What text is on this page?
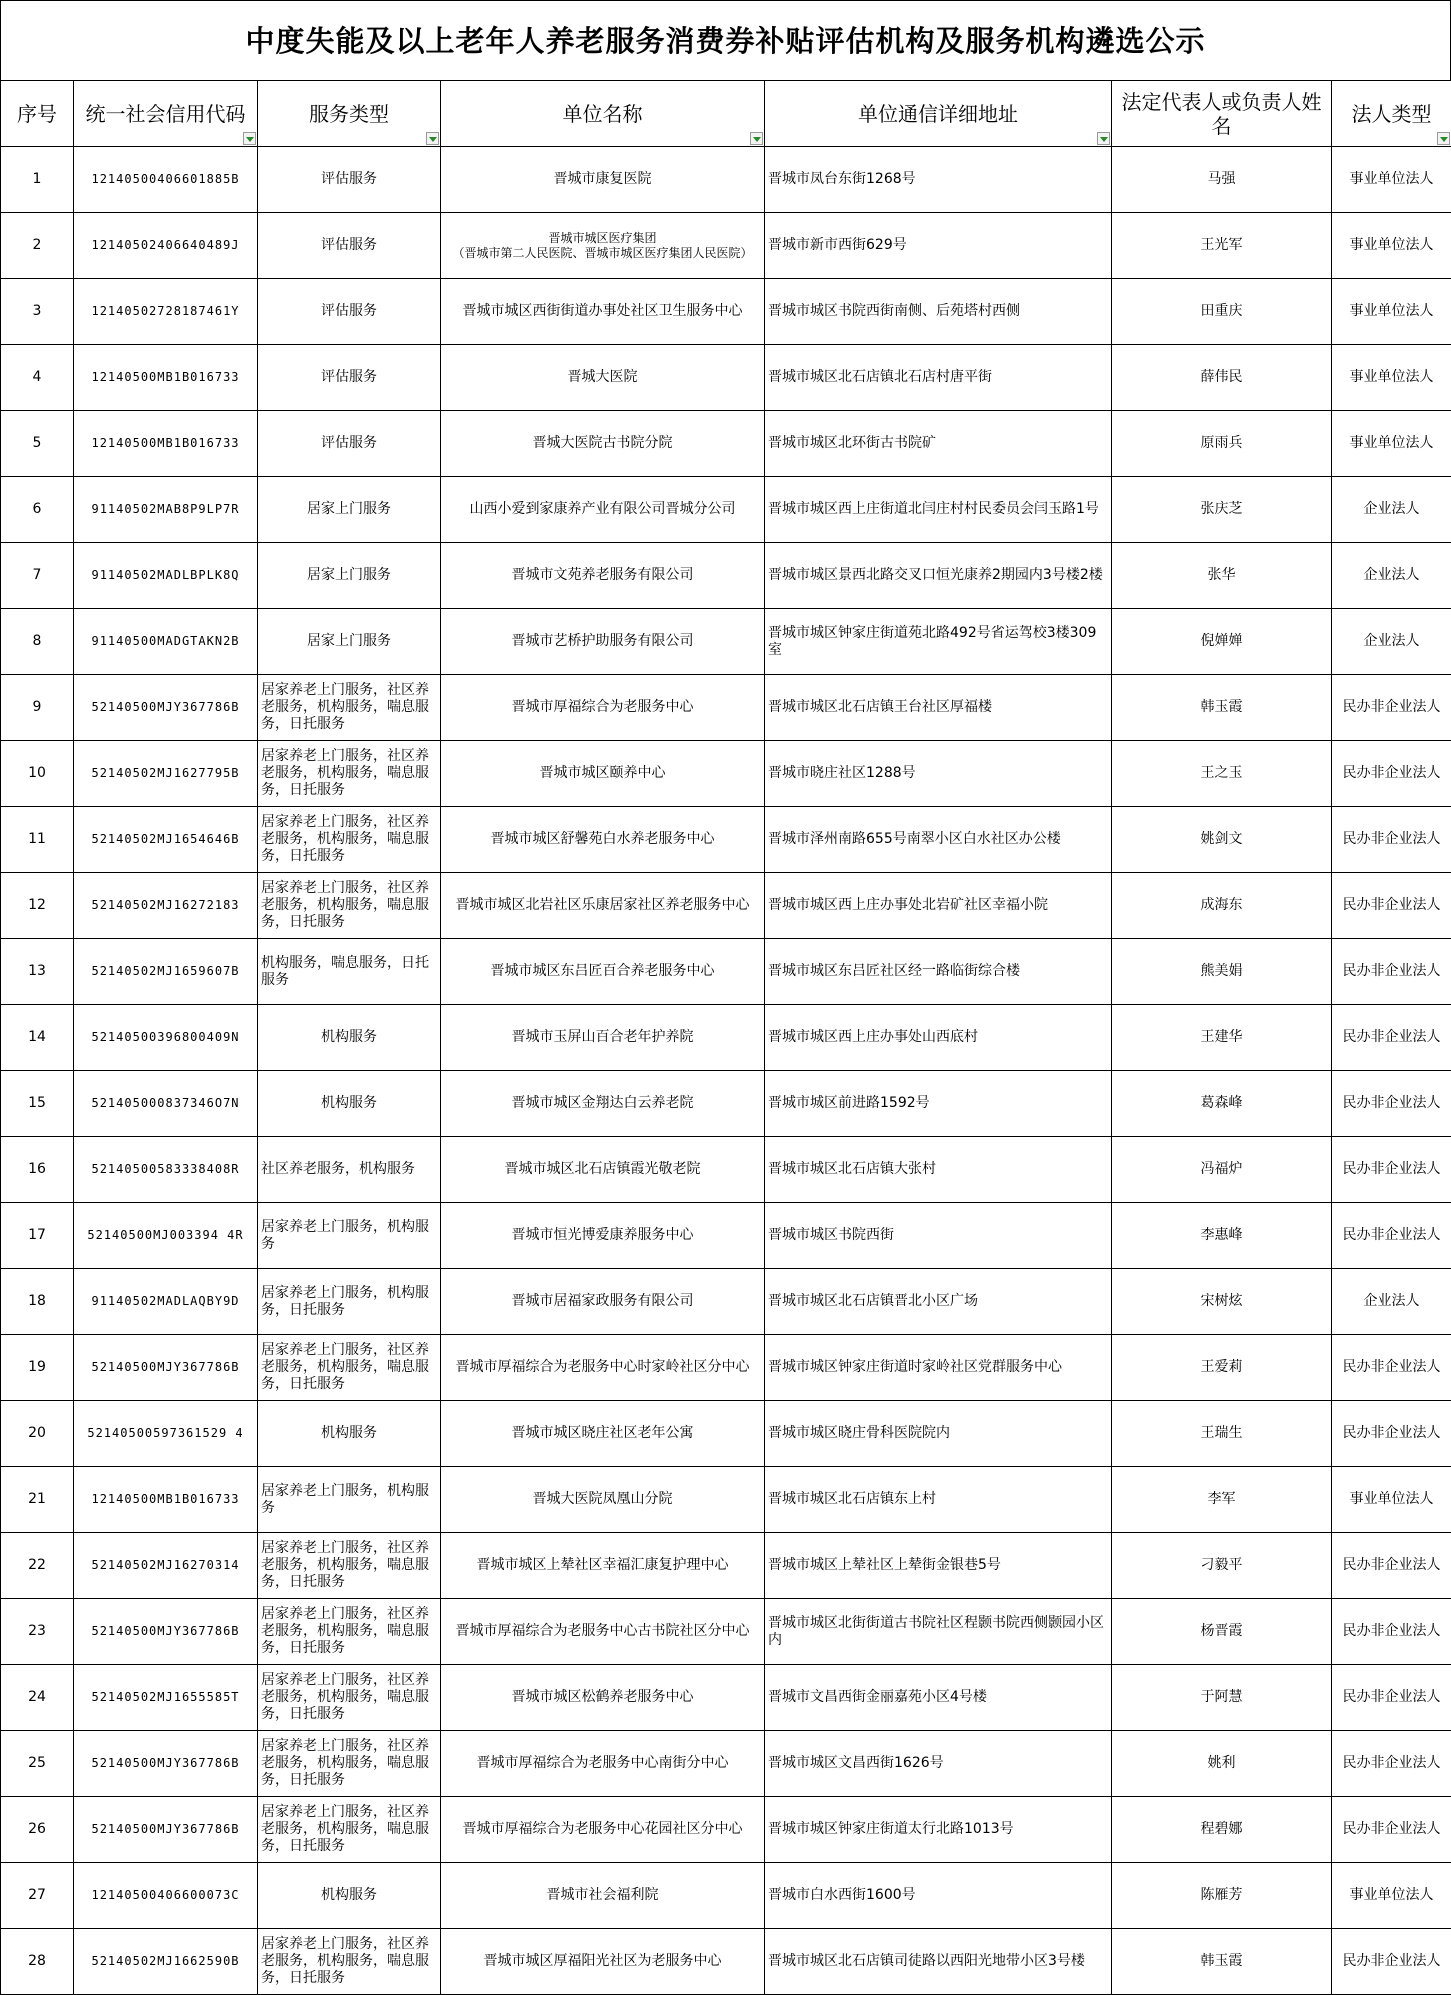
中度失能及以上老年人养老服务消费券补贴评估机构及服务机构遴选公示
序号	统一社会信用代码	服务类型	单位名称	单位通信详细地址	法定代表人或负责人姓名	法人类型

1	12140500406601885B	评估服务	晋城市康复医院	晋城市凤台东街1268号	马强	事业单位法人
2	12140502406640489J	评估服务	晋城市城区医疗集团
（晋城市第二人民医院、晋城市城区医疗集团人民医院）	晋城市新市西街629号	王光军	事业单位法人
3	12140502728187461Y	评估服务	晋城市城区西街街道办事处社区卫生服务中心	晋城市城区书院西街南侧、后苑塔村西侧	田重庆	事业单位法人
4	12140500MB1B016733	评估服务	晋城大医院	晋城市城区北石店镇北石店村唐平街	薛伟民	事业单位法人
5	12140500MB1B016733	评估服务	晋城大医院古书院分院	晋城市城区北环街古书院矿	原雨兵	事业单位法人
6	91140502MAB8P9LP7R	居家上门服务	山西小爱到家康养产业有限公司晋城分公司	晋城市城区西上庄街道北闫庄村村民委员会闫玉路1号	张庆芝	企业法人
7	91140502MADLBPLK8Q	居家上门服务	晋城市文苑养老服务有限公司	晋城市城区景西北路交叉口恒光康养2期园内3号楼2楼	张华	企业法人
8	91140500MADGTAKN2B	居家上门服务	晋城市艺桥护助服务有限公司	晋城市城区钟家庄街道苑北路492号省运驾校3楼309室	倪婵婵	企业法人
9	52140500MJY367786B	居家养老上门服务，社区养老服务，机构服务，喘息服务，日托服务	晋城市厚福综合为老服务中心	晋城市城区北石店镇王台社区厚福楼	韩玉霞	民办非企业法人
10	52140502MJ1627795B	居家养老上门服务，社区养老服务，机构服务，喘息服务，日托服务	晋城市城区颐养中心	晋城市晓庄社区1288号	王之玉	民办非企业法人
11	52140502MJ1654646B	居家养老上门服务，社区养老服务，机构服务，喘息服务，日托服务	晋城市城区舒馨苑白水养老服务中心	晋城市泽州南路655号南翠小区白水社区办公楼	姚剑文	民办非企业法人
12	52140502MJ16272183	居家养老上门服务，社区养老服务，机构服务，喘息服务，日托服务	晋城市城区北岩社区乐康居家社区养老服务中心	晋城市城区西上庄办事处北岩矿社区幸福小院	成海东	民办非企业法人
13	52140502MJ1659607B	机构服务，喘息服务，日托服务	晋城市城区东吕匠百合养老服务中心	晋城市城区东吕匠社区经一路临街综合楼	熊美娟	民办非企业法人
14	52140500396800409N	机构服务	晋城市玉屏山百合老年护养院	晋城市城区西上庄办事处山西底村	王建华	民办非企业法人
15	521405000837346O7N	机构服务	晋城市城区金翔达白云养老院	晋城市城区前进路1592号	葛森峰	民办非企业法人
16	52140500583338408R	社区养老服务，机构服务	晋城市城区北石店镇霞光敬老院	晋城市城区北石店镇大张村	冯福炉	民办非企业法人
17	52140500MJ003394 4R	居家养老上门服务，机构服务	晋城市恒光博爱康养服务中心	晋城市城区书院西街	李惠峰	民办非企业法人
18	91140502MADLAQBY9D	居家养老上门服务，机构服务，日托服务	晋城市居福家政服务有限公司	晋城市城区北石店镇晋北小区广场	宋树炫	企业法人
19	52140500MJY367786B	居家养老上门服务，社区养老服务，机构服务，喘息服务，日托服务	晋城市厚福综合为老服务中心时家岭社区分中心	晋城市城区钟家庄街道时家岭社区党群服务中心	王爱莉	民办非企业法人
20	52140500597361529 4	机构服务	晋城市城区晓庄社区老年公寓	晋城市城区晓庄骨科医院院内	王瑞生	民办非企业法人
21	12140500MB1B016733	居家养老上门服务，机构服务	晋城大医院凤凰山分院	晋城市城区北石店镇东上村	李军	事业单位法人
22	52140502MJ16270314	居家养老上门服务，社区养老服务，机构服务，喘息服务，日托服务	晋城市城区上辇社区幸福汇康复护理中心	晋城市城区上辇社区上辇街金银巷5号	刁毅平	民办非企业法人
23	52140500MJY367786B	居家养老上门服务，社区养老服务，机构服务，喘息服务，日托服务	晋城市厚福综合为老服务中心古书院社区分中心	晋城市城区北街街道古书院社区程颢书院西侧颢园小区内	杨晋霞	民办非企业法人
24	52140502MJ1655585T	居家养老上门服务，社区养老服务，机构服务，喘息服务，日托服务	晋城市城区松鹤养老服务中心	晋城市文昌西街金丽嘉苑小区4号楼	于阿慧	民办非企业法人
25	52140500MJY367786B	居家养老上门服务，社区养老服务，机构服务，喘息服务，日托服务	晋城市厚福综合为老服务中心南街分中心	晋城市城区文昌西街1626号	姚利	民办非企业法人
26	52140500MJY367786B	居家养老上门服务，社区养老服务，机构服务，喘息服务，日托服务	晋城市厚福综合为老服务中心花园社区分中心	晋城市城区钟家庄街道太行北路1013号	程碧娜	民办非企业法人
27	12140500406600073C	机构服务	晋城市社会福利院	晋城市白水西街1600号	陈雁芳	事业单位法人
28	52140502MJ1662590B	居家养老上门服务，社区养老服务，机构服务，喘息服务，日托服务	晋城市城区厚福阳光社区为老服务中心	晋城市城区北石店镇司徒路以西阳光地带小区3号楼	韩玉霞	民办非企业法人
